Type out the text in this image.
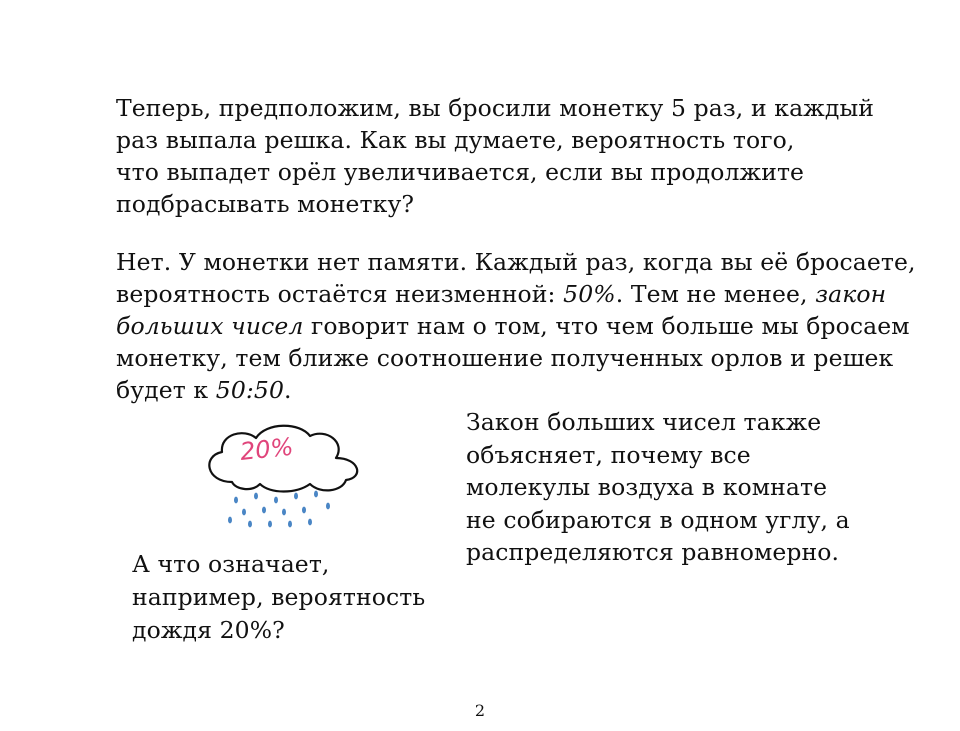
Теперь, предположим, вы бросили монетку 5 раз, и каждый
раз выпала решка. Как вы думаете, вероятность того,
что выпадет орёл увеличивается, если вы продолжите
подбрасывать монетку?

Нет. У монетки нет памяти. Каждый раз, когда вы её бросаете,
вероятность остаётся неизменной: 50%. Тем не менее, закон
больших чисел говорит нам о том, что чем больше мы бросаем
монетку, тем ближе соотношение полученных орлов и решек
будет к 50:50.

20%

Закон больших чисел также
объясняет, почему все
молекулы воздуха в комнате
не собираются в одном углу, а
распределяются равномерно.

А что означает,
например, вероятность
дождя 20%?

2
